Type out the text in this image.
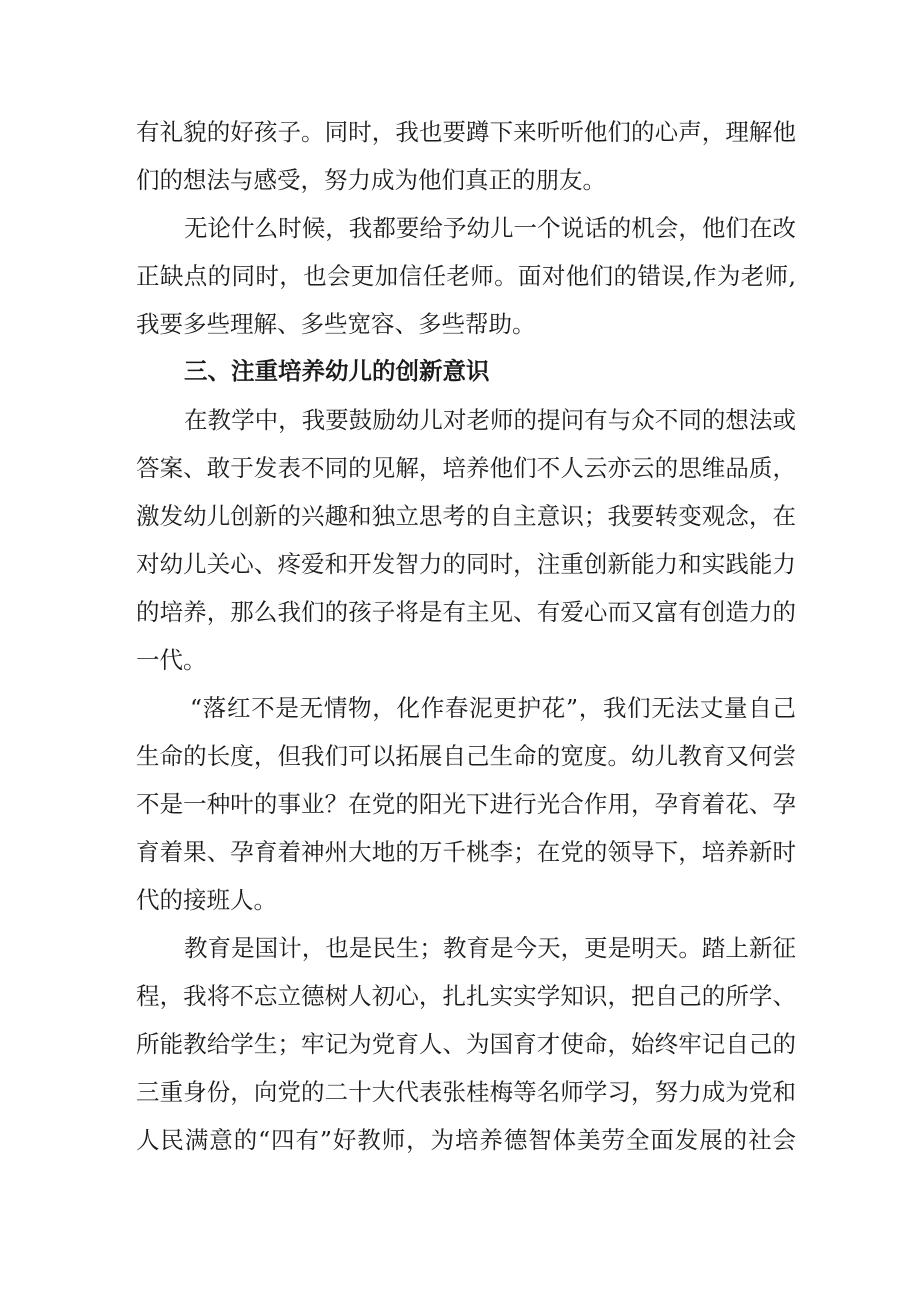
有礼貌的好孩子。同时，我也要蹲下来听听他们的心声，理解他
们的想法与感受，努力成为他们真正的朋友。
无论什么时候，我都要给予幼儿一个说话的机会，他们在改
正缺点的同时，也会更加信任老师。面对他们的错误,作为老师,
我要多些理解、多些宽容、多些帮助。
三、注重培养幼儿的创新意识
在教学中，我要鼓励幼儿对老师的提问有与众不同的想法或
答案、敢于发表不同的见解，培养他们不人云亦云的思维品质，
激发幼儿创新的兴趣和独立思考的自主意识；我要转变观念，在
对幼儿关心、疼爱和开发智力的同时，注重创新能力和实践能力
的培养，那么我们的孩子将是有主见、有爱心而又富有创造力的
一代。
“落红不是无情物，化作春泥更护花”，我们无法丈量自己
生命的长度，但我们可以拓展自己生命的宽度。幼儿教育又何尝
不是一种叶的事业？在党的阳光下进行光合作用，孕育着花、孕
育着果、孕育着神州大地的万千桃李；在党的领导下，培养新时
代的接班人。
教育是国计，也是民生；教育是今天，更是明天。踏上新征
程，我将不忘立德树人初心，扎扎实实学知识，把自己的所学、
所能教给学生；牢记为党育人、为国育才使命，始终牢记自己的
三重身份，向党的二十大代表张桂梅等名师学习，努力成为党和
人民满意的“四有”好教师，为培养德智体美劳全面发展的社会
